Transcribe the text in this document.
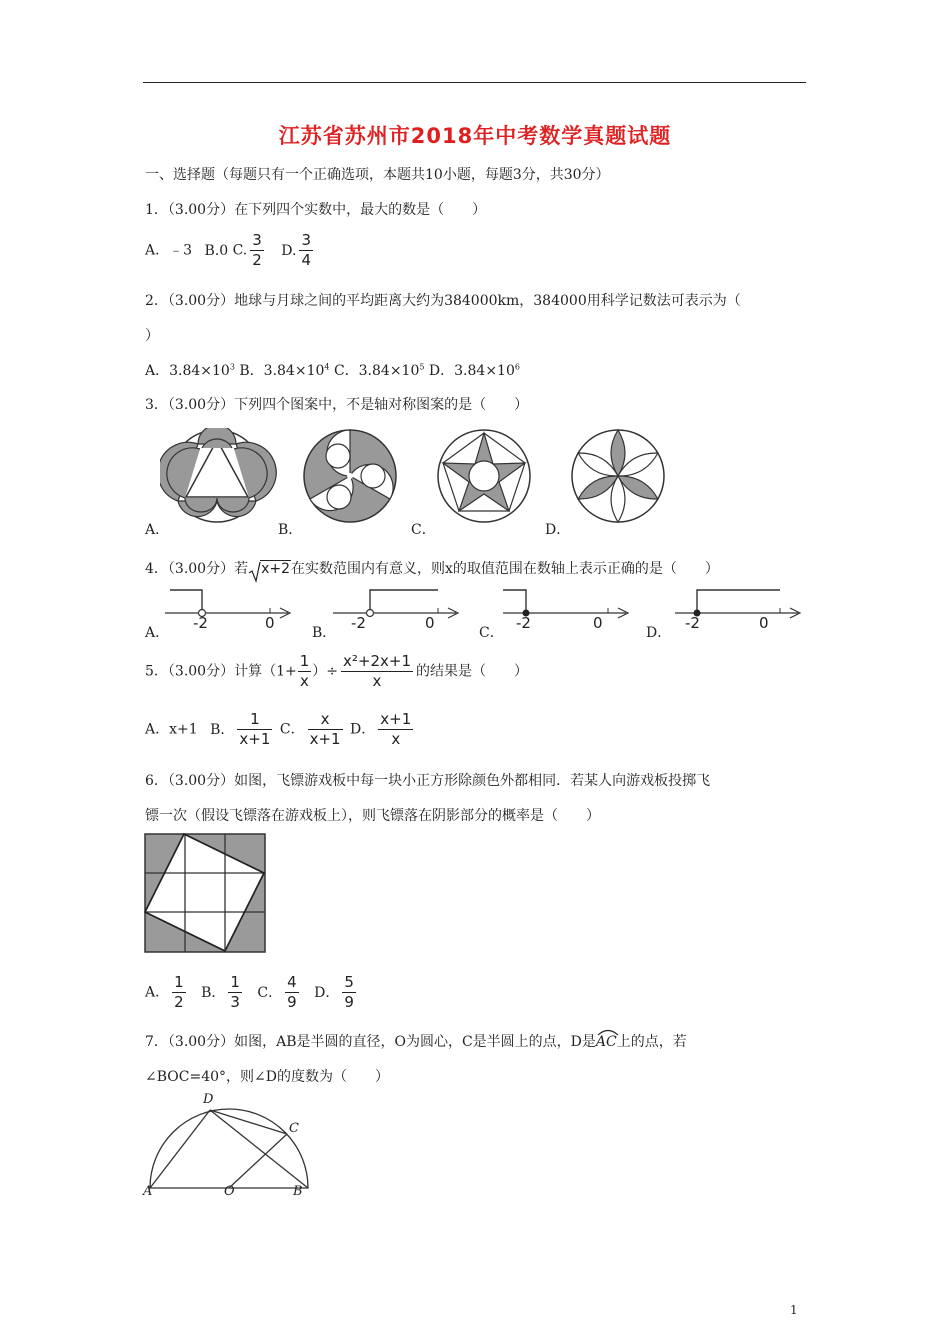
江苏省苏州市2018年中考数学真题试题
一、选择题（每题只有一个正确选项，本题共10小题，每题3分，共30分）
1．（3.00分）在下列四个实数中，最大的数是（　　）
A．﹣3 B.0 C. $\frac{3}{2} D$. $\frac{3}{4}$
2．（3.00分）地球与月球之间的平均距离大约为384000km，384000用科学记数法可表示为（
）
A．$3.84\times 10^3$ B．$3.84\times 10^4$ C．$3.84\times 10^5$ D．$3.84\times 10^6$
3．（3.00分）下列四个图案中，不是轴对称图案的是（　　）
A．	B．	C．	D．
4．（3.00分）若 x+2在实数范围内有意义，则x的取值范围在数轴上表示正确的是（　　）
A．
-2	0
B．
-2	0
C．
-2	0
D．
-2	0
5．（3.00分）计算（$1+ \frac{1}{x}$ ）÷ $\frac{\text{x²+2x+1}}{x}$ 的结果是（　　）
A．x+1 B． $\frac{1}{x+1}$ C． $\frac{x}{x+1}$ D． $\frac{x+1}{x}$
6．（3.00分）如图，飞镖游戏板中每一块小正方形除颜色外都相同．若某人向游戏板投掷飞
镖一次（假设飞镖落在游戏板上），则飞镖落在阴影部分的概率是（　　）
A． $\frac{1}{2}$ B． $\frac{1}{3}$ C． $\frac{4}{9}$ D． $\frac{5}{9}$
7．（3.00分）如图，AB是半圆的直径，O为圆心，C是半圆上的点，D是
AC上的点，若
∠BOC=40°，则∠D的度数为（　　）
A	O	B
C
D
1
